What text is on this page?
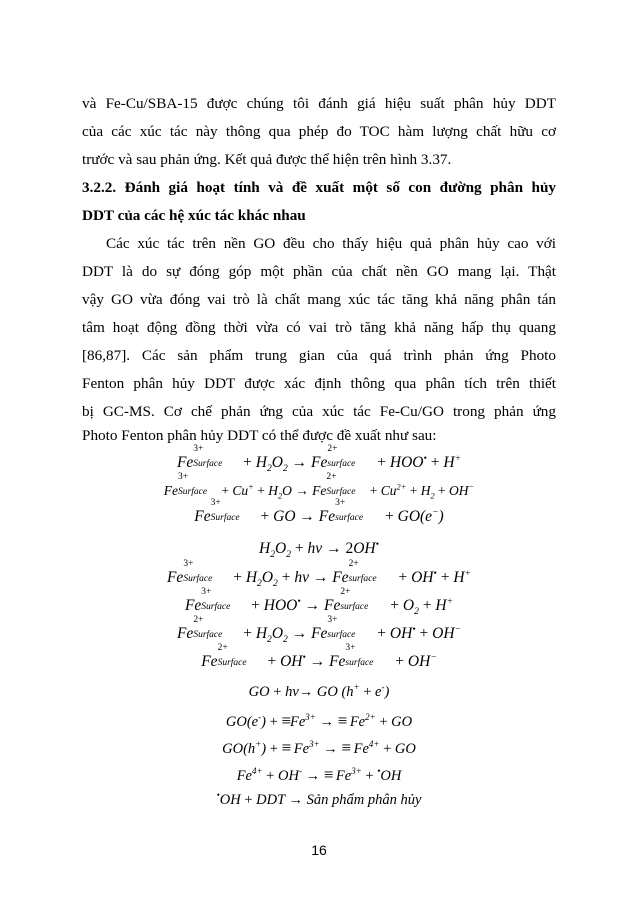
và Fe-Cu/SBA-15 được chúng tôi đánh giá hiệu suất phân hủy DDT
của các xúc tác này thông qua phép đo TOC hàm lượng chất hữu cơ
trước và sau phản ứng. Kết quả được thể hiện trên hình 3.37.
3.2.2. Đánh giá hoạt tính và đề xuất một số con đường phân hủy
DDT của các hệ xúc tác khác nhau
Các xúc tác trên nền GO đều cho thấy hiệu quả phân hủy cao với
DDT là do sự đóng góp một phần của chất nền GO mang lại. Thật
vậy GO vừa đóng vai trò là chất mang xúc tác tăng khả năng phân tán
tâm hoạt động đồng thời vừa có vai trò tăng khả năng hấp thụ quang
[86,87]. Các sản phẩm trung gian của quá trình phản ứng Photo
Fenton phân hủy DDT được xác định thông qua phân tích trên thiết
bị GC-MS. Cơ chế phản ứng của xúc tác Fe-Cu/GO trong phản ứng
Photo Fenton phân hủy DDT có thể được đề xuất như sau:
Fe
3+
Surface + $H_2O_2 \to Fe$
2+
surface + HOO• + H+
Fe
3+
Surface + $Cu^+ + H_2O \to Fe$
2+
Surface + $Cu^{2+} + H_2 + OH^-$
Fe
3+
Surface + GO → Fe
3+
surface + GO(e−)
$H_2O_2$ + hv → 2OH•
Fe
3+
Surface + $H_2O_2$ + hv → Fe
2+
surface + OH• + H+
Fe
3+
Surface + HOO• → Fe
2+
surface + $O_2 + H^+$
Fe
2+
Surface + $H_2O_2 \to Fe$
3+
surface + OH• + OH−
Fe
2+
Surface + OH• → Fe
3+
surface + OH−
GO + hv→ GO (h+ + e-)
$GO(e^-) + \equiv Fe^{3+}$ → ≡ $Fe^{2+}$ + GO
GO(h+) + ≡ $Fe^{3+}$ → ≡ $Fe^{4+}$ + GO
$Fe^{4+} + OH^-$ → ≡ $Fe^{3+} + ^•OH$
•OH + DDT → Sản phẩm phân hủy
16
